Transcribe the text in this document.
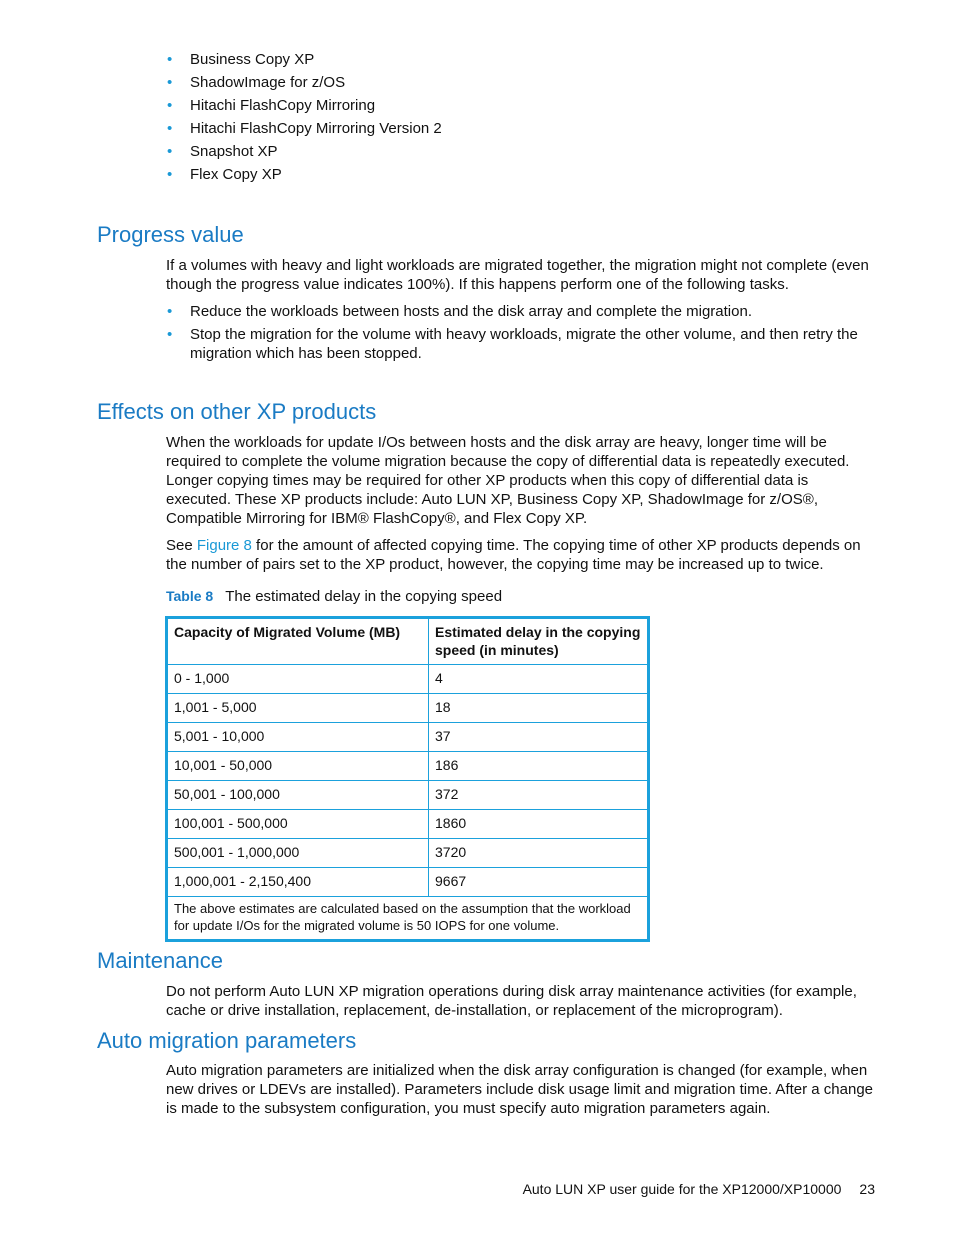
• Business Copy XP
• ShadowImage for z/OS
• Hitachi FlashCopy Mirroring
• Hitachi FlashCopy Mirroring Version 2
• Snapshot XP
• Flex Copy XP
Progress value

If a volumes with heavy and light workloads are migrated together, the migration might not complete (even though the progress value indicates 100%). If this happens perform one of the following tasks.

• Reduce the workloads between hosts and the disk array and complete the migration.
• Stop the migration for the volume with heavy workloads, migrate the other volume, and then retry the migration which has been stopped.
Effects on other XP products

When the workloads for update I/Os between hosts and the disk array are heavy, longer time will be required to complete the volume migration because the copy of differential data is repeatedly executed. Longer copying times may be required for other XP products when this copy of differential data is executed. These XP products include: Auto LUN XP, Business Copy XP, ShadowImage for z/OS®, Compatible Mirroring for IBM® FlashCopy®, and Flex Copy XP.

See Figure 8 for the amount of affected copying time. The copying time of other XP products depends on the number of pairs set to the XP product, however, the copying time may be increased up to twice.

Table 8 The estimated delay in the copying speed
Capacity of Migrated Volume (MB)	Estimated delay in the copying speed (in minutes)
0 - 1,000	4
1,001 - 5,000	18
5,001 - 10,000	37
10,001 - 50,000	186
50,001 - 100,000	372
100,001 - 500,000	1860
500,001 - 1,000,000	3720
1,000,001 - 2,150,400	9667
The above estimates are calculated based on the assumption that the workload for update I/Os for the migrated volume is 50 IOPS for one volume.	
Maintenance

Do not perform Auto LUN XP migration operations during disk array maintenance activities (for example, cache or drive installation, replacement, de-installation, or replacement of the microprogram).

Auto migration parameters

Auto migration parameters are initialized when the disk array configuration is changed (for example, when new drives or LDEVs are installed). Parameters include disk usage limit and migration time. After a change is made to the subsystem configuration, you must specify auto migration parameters again.

Auto LUN XP user guide for the XP12000/XP10000 23
